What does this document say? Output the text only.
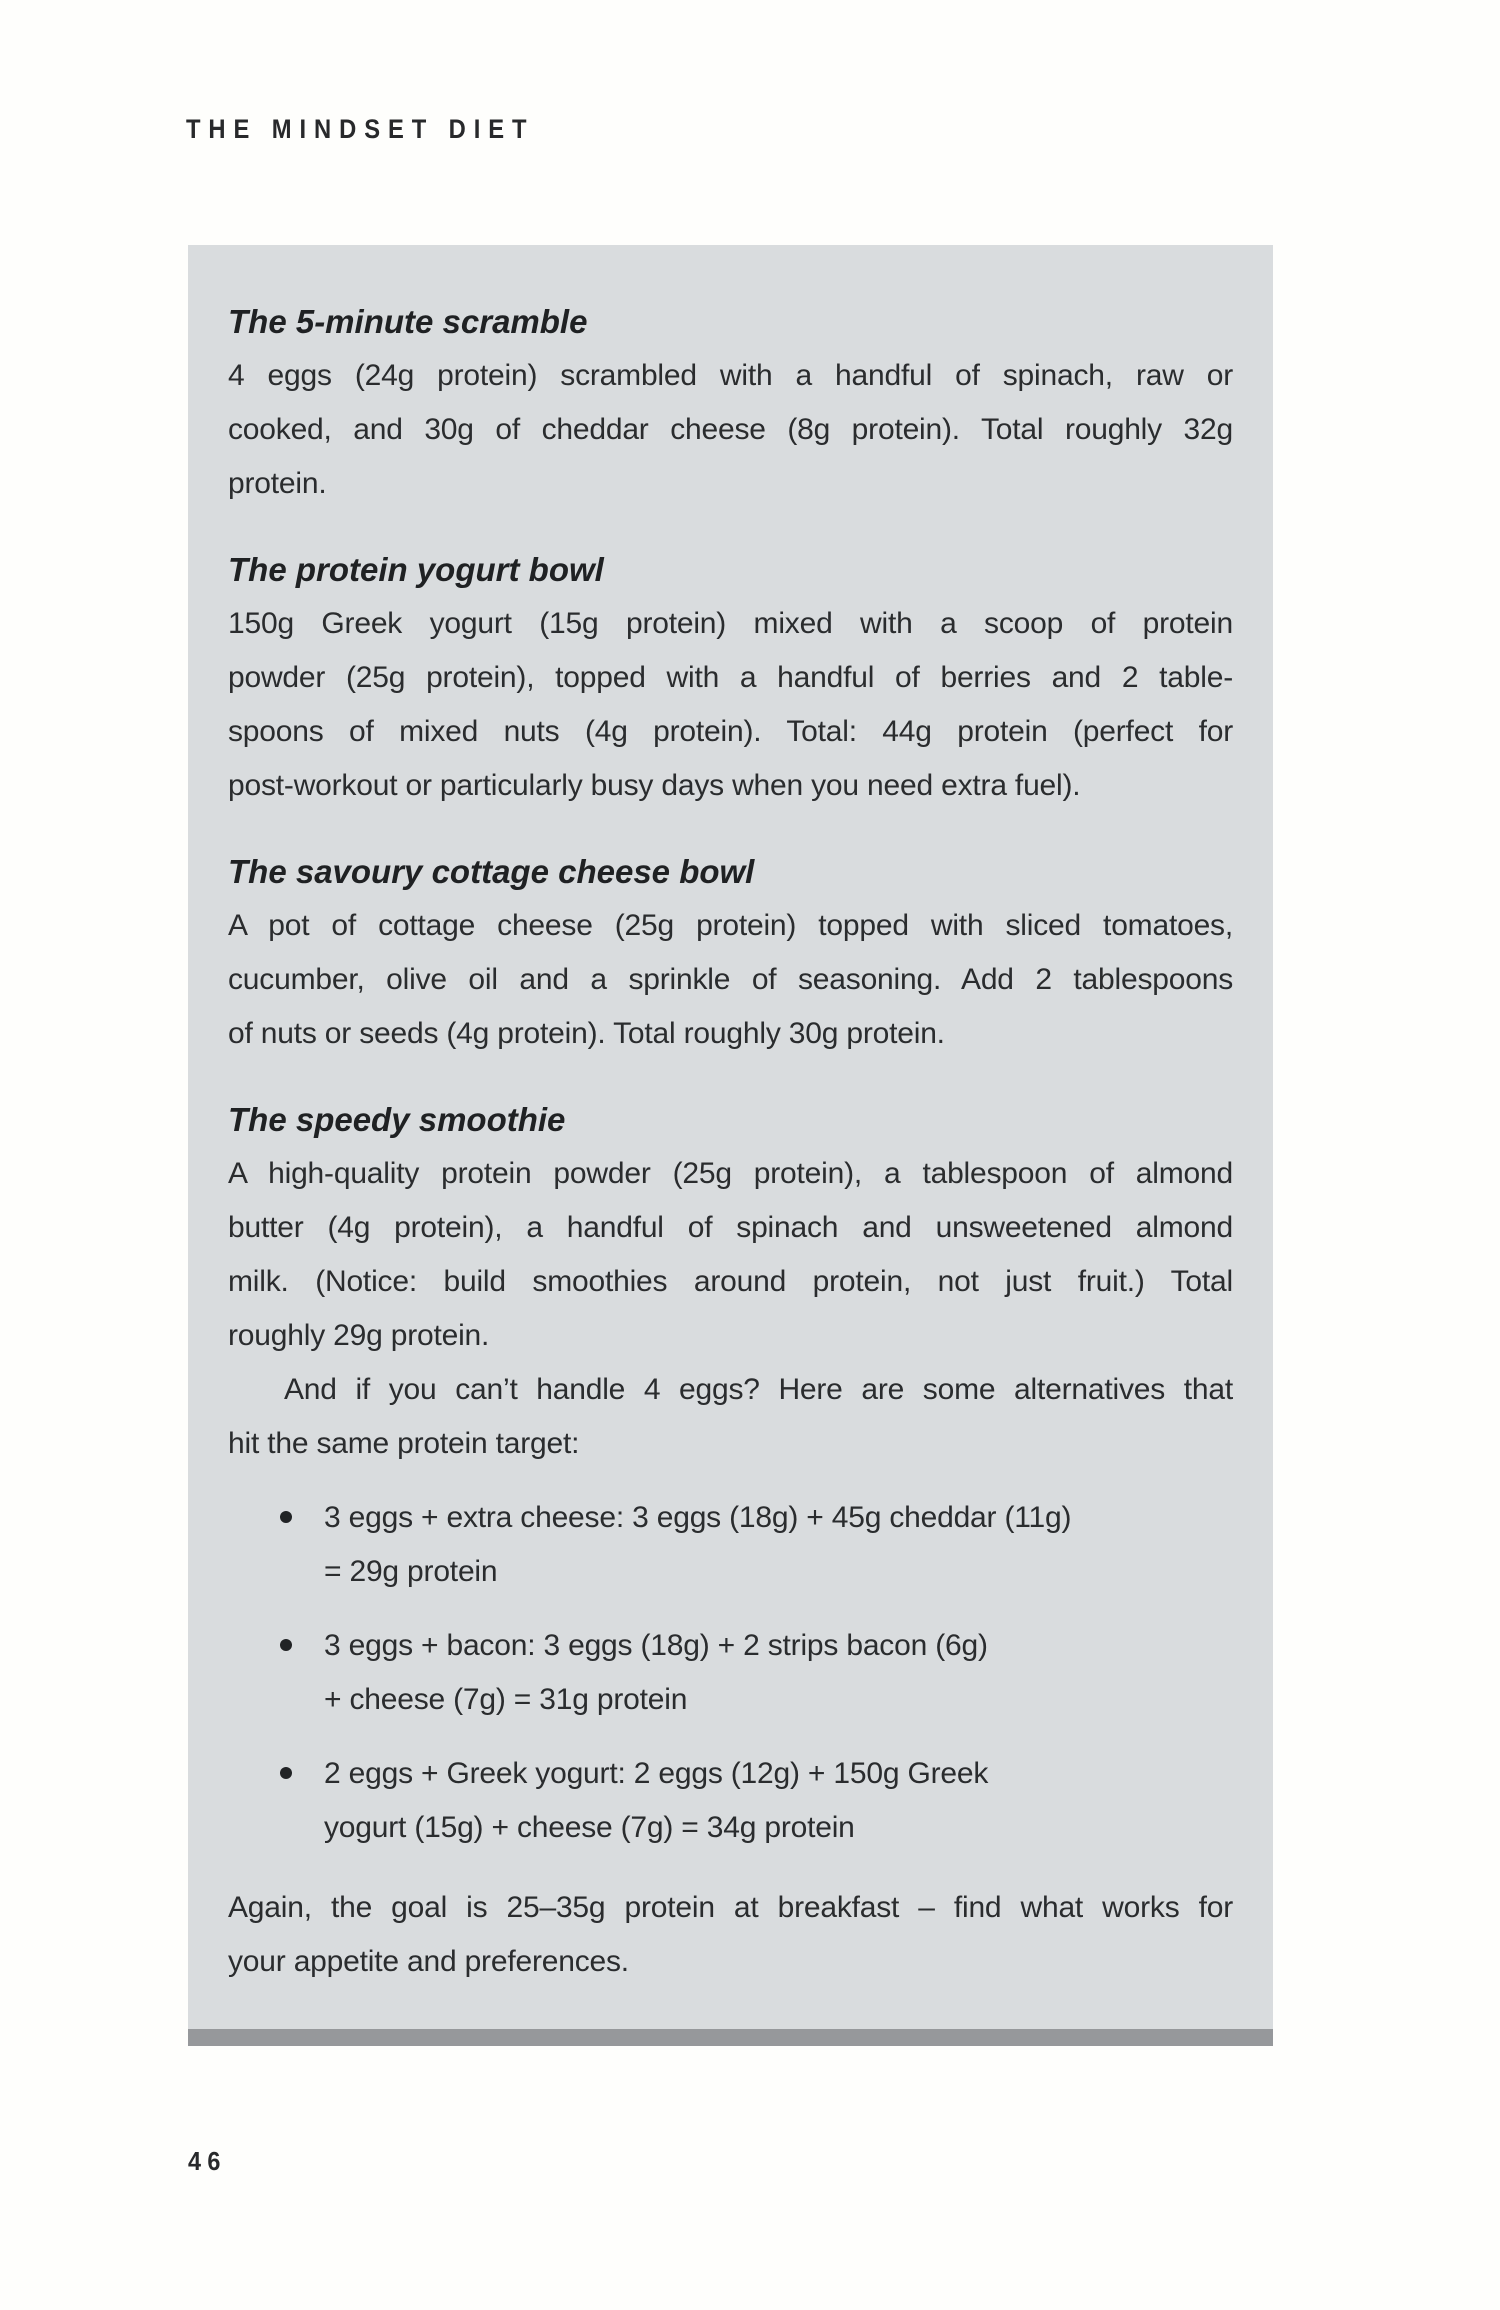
THE MINDSET DIET
The 5-minute scramble
4 eggs (24g protein) scrambled with a handful of spinach, raw or
cooked, and 30g of cheddar cheese (8g protein). Total roughly 32g
protein.
The protein yogurt bowl
150g Greek yogurt (15g protein) mixed with a scoop of protein
powder (25g protein), topped with a handful of berries and 2 table-
spoons of mixed nuts (4g protein). Total: 44g protein (perfect for
post-workout or particularly busy days when you need extra fuel).
The savoury cottage cheese bowl
A pot of cottage cheese (25g protein) topped with sliced tomatoes,
cucumber, olive oil and a sprinkle of seasoning. Add 2 tablespoons
of nuts or seeds (4g protein). Total roughly 30g protein.
The speedy smoothie
A high-quality protein powder (25g protein), a tablespoon of almond
butter (4g protein), a handful of spinach and unsweetened almond
milk. (Notice: build smoothies around protein, not just fruit.) Total
roughly 29g protein.
And if you can’t handle 4 eggs? Here are some alternatives that
hit the same protein target:
3 eggs + extra cheese: 3 eggs (18g) + 45g cheddar (11g)
= 29g protein
3 eggs + bacon: 3 eggs (18g) + 2 strips bacon (6g)
+ cheese (7g) = 31g protein
2 eggs + Greek yogurt: 2 eggs (12g) + 150g Greek
yogurt (15g) + cheese (7g) = 34g protein
Again, the goal is 25–35g protein at breakfast – find what works for
your appetite and preferences.
46
